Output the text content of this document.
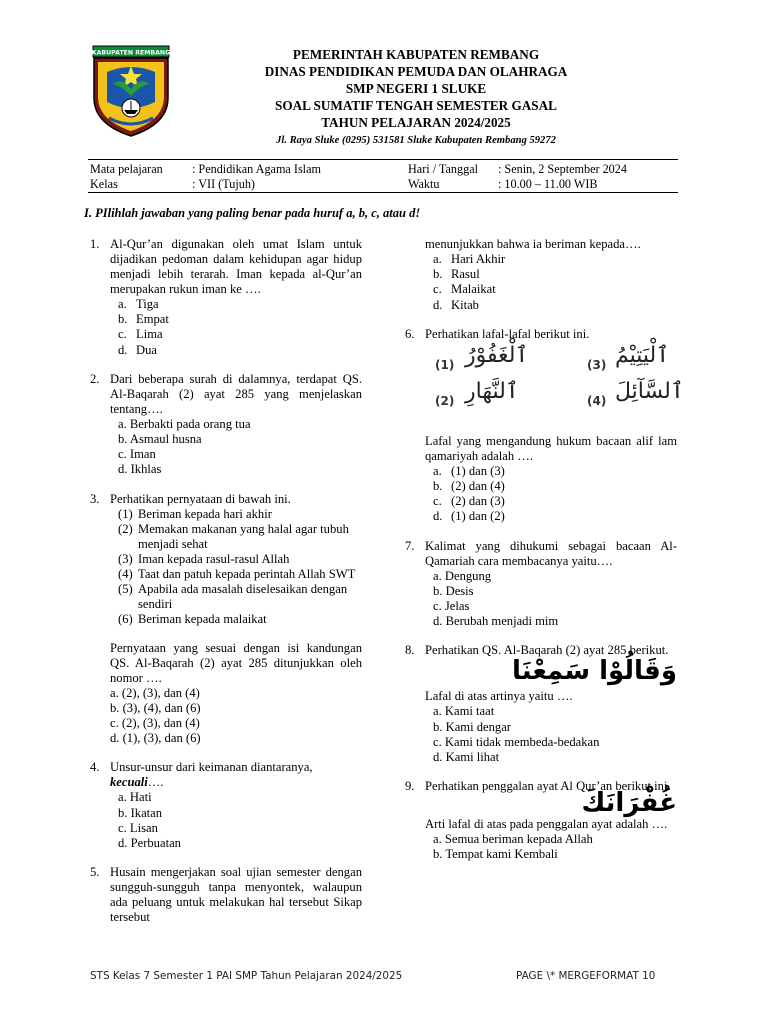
KABUPATEN REMBANG	PEMERINTAH KABUPATEN REMBANG
DINAS PENDIDIKAN PEMUDA DAN OLAHRAGA
SMP NEGERI 1 SLUKE
SOAL SUMATIF TENGAH SEMESTER GASAL
TAHUN PELAJARAN 2024/2025
Jl. Raya Sluke (0295) 531581 Sluke Kabupaten Rembang 59272
Mata pelajaran : Pendidikan Agama Islam	Hari / Tanggal : Senin, 2 September 2024
Kelas	: VII (Tujuh)	Waktu	: 10.00 – 11.00 WIB
I. PIlihlah jawaban yang paling benar pada huruf a, b, c, atau d!
1. Al-Qur’an digunakan oleh umat Islam untuk dijadikan pedoman dalam kehidupan agar hidup menjadi lebih terarah. Iman kepada al-Qur’an merupakan rukun iman ke ….
a. Tiga
b. Empat
c. Lima
d. Dua
2. Dari beberapa surah di dalamnya, terdapat QS. Al-Baqarah (2) ayat 285 yang menjelaskan tentang….
a. Berbakti pada orang tua
b. Asmaul husna
c. Iman
d. Ikhlas
3. Perhatikan pernyataan di bawah ini.
(1) Beriman kepada hari akhir
(2) Memakan makanan yang halal agar tubuh menjadi sehat
(3) Iman kepada rasul-rasul Allah
(4) Taat dan patuh kepada perintah Allah SWT
(5) Apabila ada masalah diselesaikan dengan sendiri
(6) Beriman kepada malaikat
Pernyataan yang sesuai dengan isi kandungan QS. Al-Baqarah (2) ayat 285 ditunjukkan oleh nomor ….
a. (2), (3), dan (4)
b. (3), (4), dan (6)
c. (2), (3), dan (4)
d. (1), (3), dan (6)
4. Unsur-unsur dari keimanan diantaranya, kecuali….
a. Hati
b. Ikatan
c. Lisan
d. Perbuatan
5. Husain mengerjakan soal ujian semester dengan sungguh-sungguh tanpa menyontek, walaupun ada peluang untuk melakukan hal tersebut Sikap tersebut
menunjukkan bahwa ia beriman kepada….
a. Hari Akhir
b. Rasul
c. Malaikat
d. Kitab
6. Perhatikan lafal-lafal berikut ini.
(1) ٱلْغَفُوْرُ	(3) ٱلْيَتِيْمُ
(2) ٱلنَّهَارِ	(4) ٱلسَّآئِلَ
Lafal yang mengandung hukum bacaan alif lam qamariyah adalah ….
a. (1) dan (3)
b. (2) dan (4)
c. (2) dan (3)
d. (1) dan (2)
7. Kalimat yang dihukumi sebagai bacaan Al-Qamariah cara membacanya yaitu….
a. Dengung
b. Desis
c. Jelas
d. Berubah menjadi mim
8. Perhatikan QS. Al-Baqarah (2) ayat 285 berikut.
وَقَالُوْا سَمِعْنَا
Lafal di atas artinya yaitu ….
a. Kami taat
b. Kami dengar
c. Kami tidak membeda-bedakan
d. Kami lihat
9. Perhatikan penggalan ayat Al Qur’an berikut ini
غُفْرَانَكَ
Arti lafal di atas pada penggalan ayat adalah ….
a. Semua beriman kepada Allah
b. Tempat kami Kembali
STS Kelas 7 Semester 1 PAI SMP Tahun Pelajaran 2024/2025	PAGE \* MERGEFORMAT 10
